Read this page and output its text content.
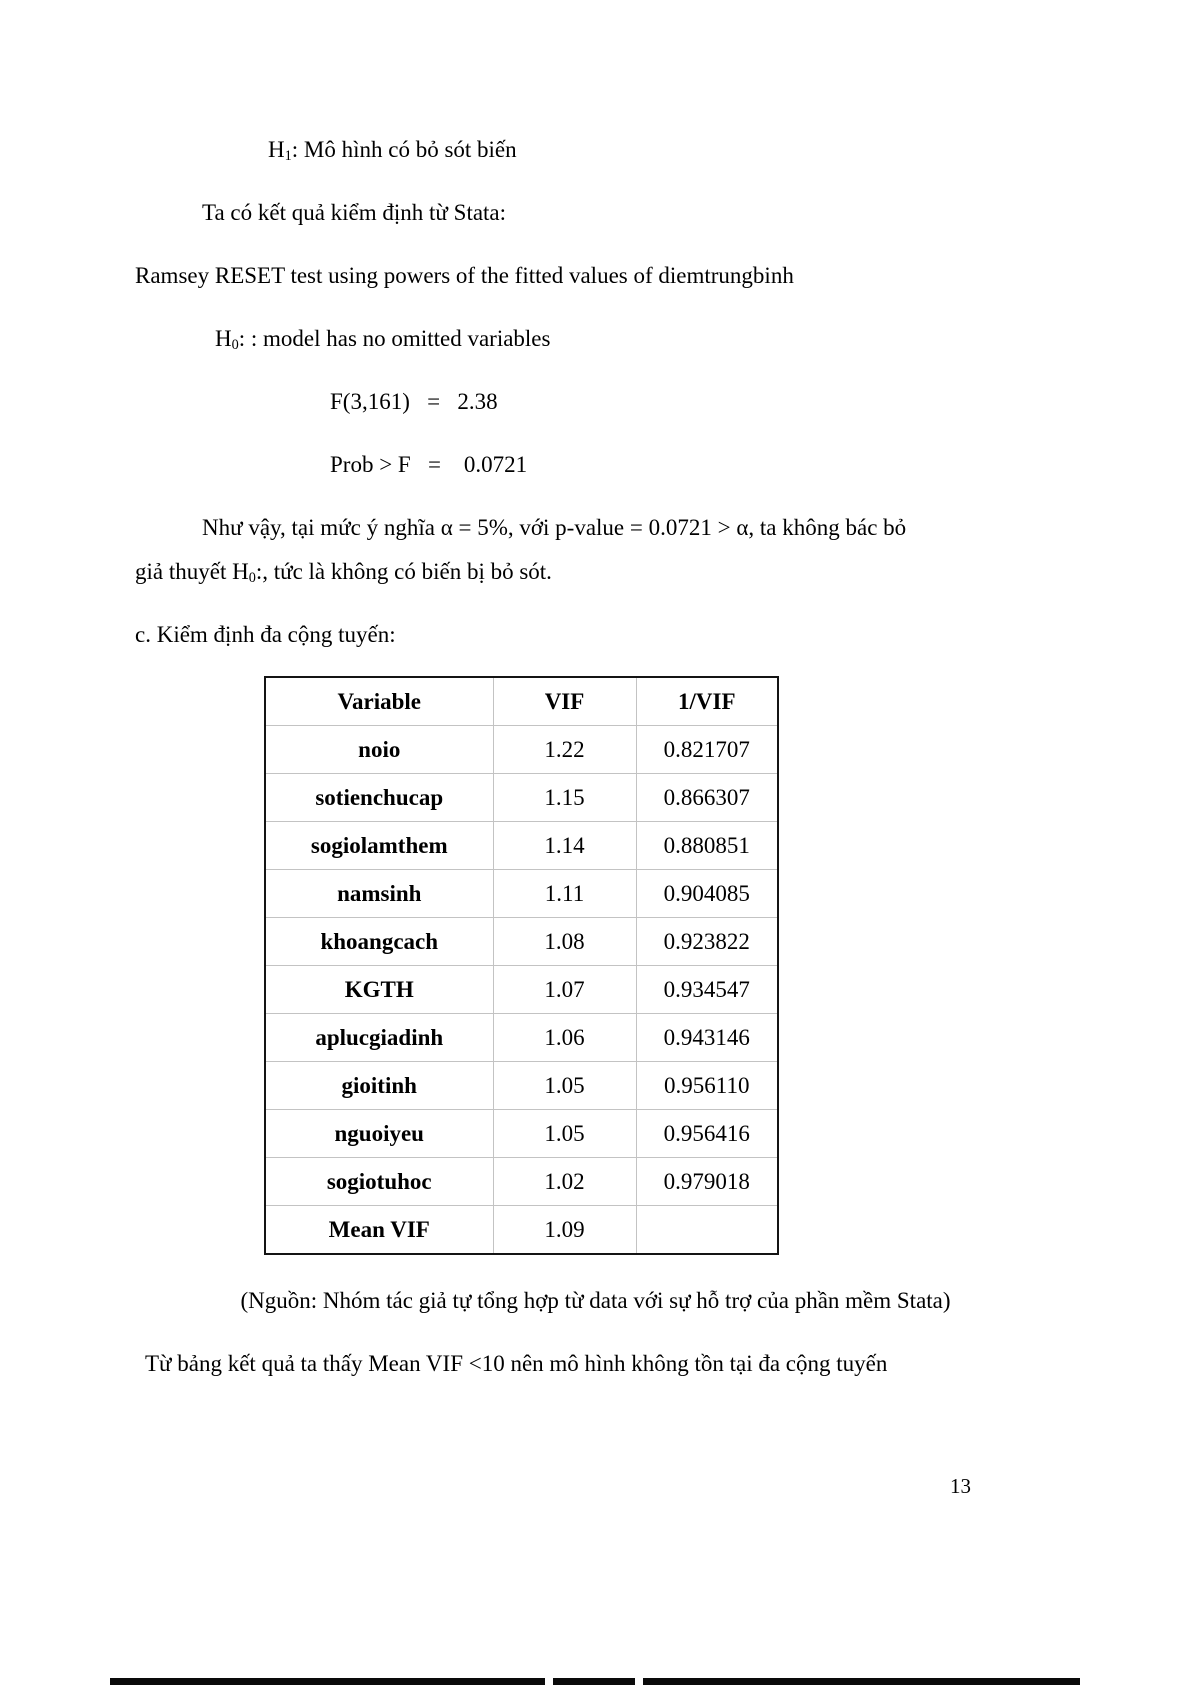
$H_1$: Mô hình có bỏ sót biến

Ta có kết quả kiểm định từ Stata:

Ramsey RESET test using powers of the fitted values of diemtrungbinh

$H_0$: : model has no omitted variables

F(3,161)   =   2.38

Prob > F   =    0.0721

Như vậy, tại mức ý nghĩa α = 5%, với p-value = 0.0721 > α, ta không bác bỏ
giả thuyết $H_0$:, tức là không có biến bị bỏ sót.

c. Kiểm định đa cộng tuyến:

Variable	VIF	1/VIF
noio	1.22	0.821707
sotienchucap	1.15	0.866307
sogiolamthem	1.14	0.880851
namsinh	1.11	0.904085
khoangcach	1.08	0.923822
KGTH	1.07	0.934547
aplucgiadinh	1.06	0.943146
gioitinh	1.05	0.956110
nguoiyeu	1.05	0.956416
sogiotuhoc	1.02	0.979018
Mean VIF	1.09	

(Nguồn: Nhóm tác giả tự tổng hợp từ data với sự hỗ trợ của phần mềm Stata)

Từ bảng kết quả ta thấy Mean VIF <10 nên mô hình không tồn tại đa cộng tuyến

13
